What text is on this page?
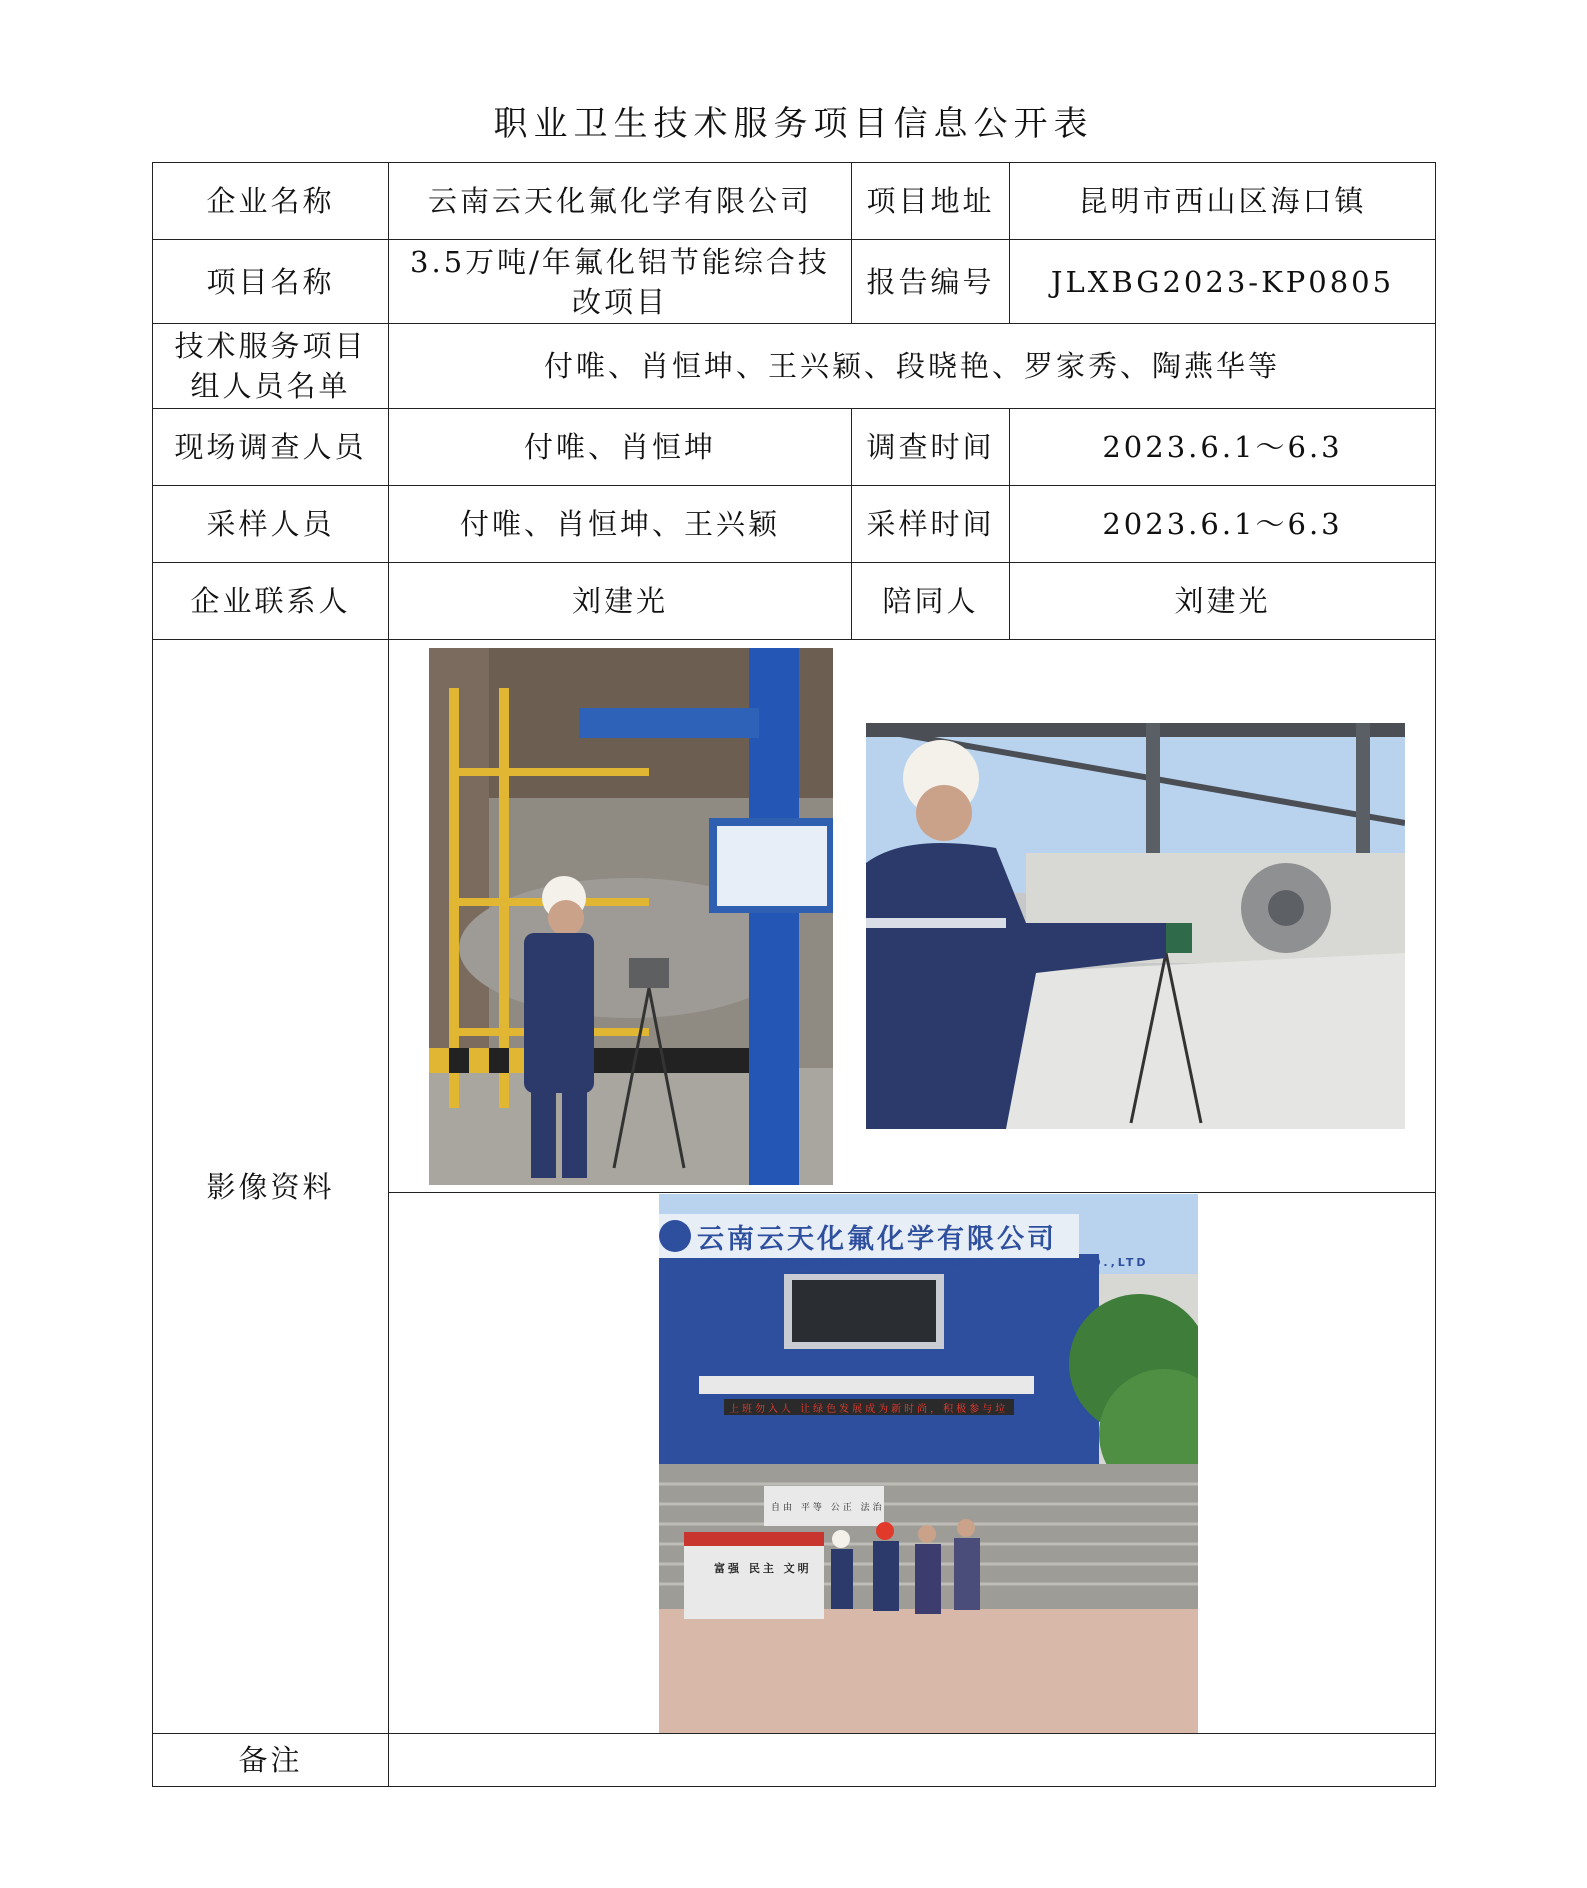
职业卫生技术服务项目信息公开表
企业名称	云南云天化氟化学有限公司	项目地址	昆明市西山区海口镇
项目名称	3.5万吨/年氟化铝节能综合技改项目	报告编号	JLXBG2023-KP0805
技术服务项目组人员名单	付唯、肖恒坤、王兴颖、段晓艳、罗家秀、陶燕华等		
现场调查人员	付唯、肖恒坤	调查时间	2023.6.1～6.3
采样人员	付唯、肖恒坤、王兴颖	采样时间	2023.6.1～6.3
企业联系人	刘建光	陪同人	刘建光
影像资料	

上班勿入人 让绿色发展成为新时尚，积极参与垃
云南云天化氟化学有限公司
YUNNAN YUNTIANHUA FLUORINE CHEMICAL CO.,LTD
自由 平等 公正 法治
富强 民主 文明		

备注			
